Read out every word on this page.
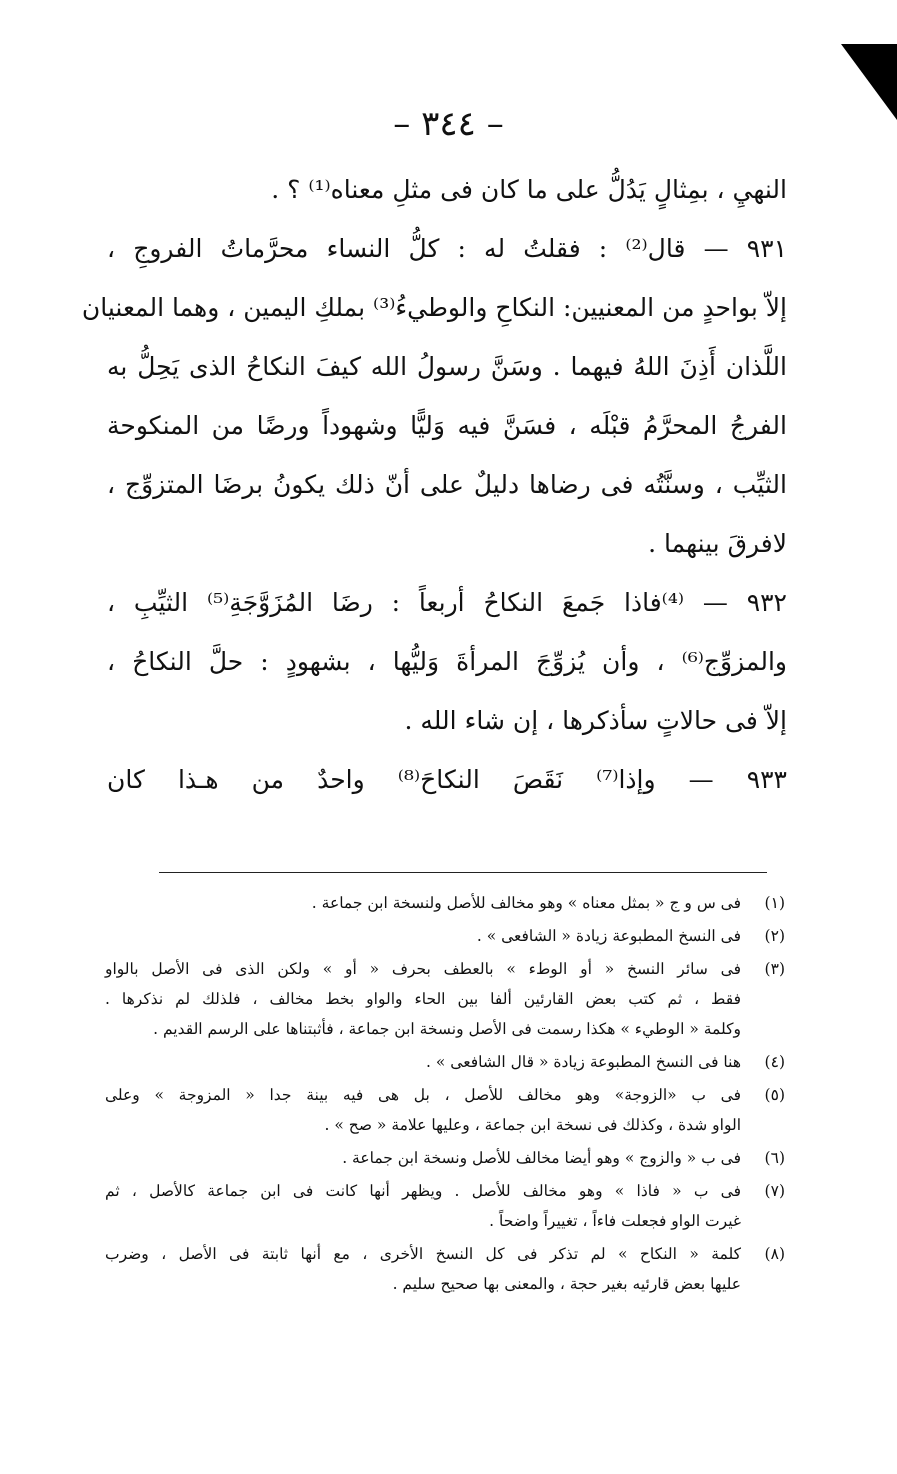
– ٣٤٤ –

النهيِ ، بمِثالٍ يَدُلُّ على ما كان فى مثلِ معناه⁽¹⁾ ؟ .

٩٣١ — قال⁽²⁾ : فقلتُ له : كلُّ النساء محرَّماتُ الفروجِ ،
إلاّ بواحدٍ من المعنيين: النكاحِ والوطيءُ⁽³⁾ بملكِ اليمين ، وهما المعنيان
اللَّذان أَذِنَ اللهُ فيهما . وسَنَّ رسولُ الله كيفَ النكاحُ الذى يَحِلُّ به
الفرجُ المحرَّمُ قبْلَه ، فسَنَّ فيه وَليًّا وشهوداً ورضًا من المنكوحة
الثيِّب ، وسنَّتُه فى رضاها دليلٌ على أنّ ذلك يكونُ برضَا المتزوِّج ،
لافرقَ بينهما .

٩٣٢ — ⁽⁴⁾فاذا جَمعَ النكاحُ أربعاً : رضَا المُزَوَّجَةِ⁽⁵⁾ الثيِّبِ ،
والمزوِّج⁽⁶⁾ ، وأن يُزوِّجَ المرأةَ وَليُّها ، بشهودٍ : حلَّ النكاحُ ،
إلاّ فى حالاتٍ سأذكرها ، إن شاء الله .

٩٣٣ — وإذا⁽⁷⁾ نَقَصَ النكاحَ⁽⁸⁾ واحدٌ من هـذا كان

(١)
فى س و ج « بمثل معناه » وهو مخالف للأصل ولنسخة ابن جماعة .
(٢)
فى النسخ المطبوعة زيادة « الشافعى » .
(٣)
فى سائر النسخ « أو الوطء » بالعطف بحرف « أو » ولكن الذى فى الأصل بالواو
فقط ، ثم كتب بعض القارئين ألفا بين الحاء والواو بخط مخالف ، فلذلك لم نذكرها .
وكلمة « الوطيء » هكذا رسمت فى الأصل ونسخة ابن جماعة ، فأثبتناها على الرسم القديم .
(٤)
هنا فى النسخ المطبوعة زيادة « قال الشافعى » .
(٥)
فى ب «الزوجة» وهو مخالف للأصل ، بل هى فيه بينة جدا « المزوجة » وعلى
الواو شدة ، وكذلك فى نسخة ابن جماعة ، وعليها علامة « صح » .
(٦)
فى ب « والزوج » وهو أيضا مخالف للأصل ونسخة ابن جماعة .
(٧)
فى ب « فاذا » وهو مخالف للأصل . ويظهر أنها كانت فى ابن جماعة كالأصل ، ثم
غيرت الواو فجعلت فاءاً ، تغييراً واضحاً .
(٨)
كلمة « النكاح » لم تذكر فى كل النسخ الأخرى ، مع أنها ثابتة فى الأصل ، وضرب
عليها بعض قارئيه بغير حجة ، والمعنى بها صحيح سليم .
